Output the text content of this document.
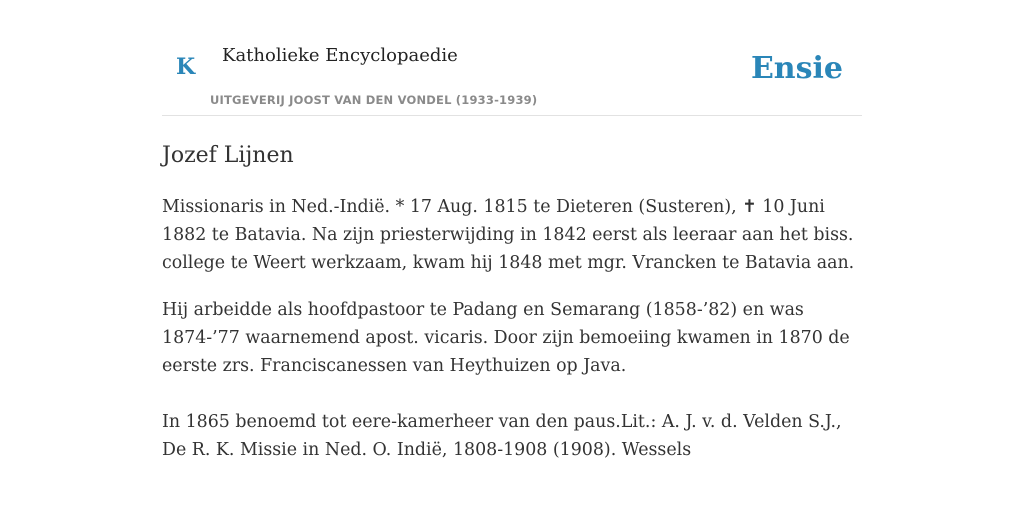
K Katholieke Encyclopaedie
UITGEVERIJ JOOST VAN DEN VONDEL (1933-1939)
Ensie
Jozef Lijnen

Missionaris in Ned.-Indië. * 17 Aug. 1815 te Dieteren (Susteren), ✝ 10 Juni 1882 te Batavia. Na zijn priesterwijding in 1842 eerst als leeraar aan het biss. college te Weert werkzaam, kwam hij 1848 met mgr. Vrancken te Batavia aan.

Hij arbeidde als hoofdpastoor te Padang en Semarang (1858-’82) en was 1874-’77 waarnemend apost. vicaris. Door zijn bemoeiing kwamen in 1870 de eerste zrs. Franciscanessen van Heythuizen op Java.

In 1865 benoemd tot eere-kamerheer van den paus.Lit.: A. J. v. d. Velden S.J., De R. K. Missie in Ned. O. Indië, 1808-1908 (1908). Wessels
